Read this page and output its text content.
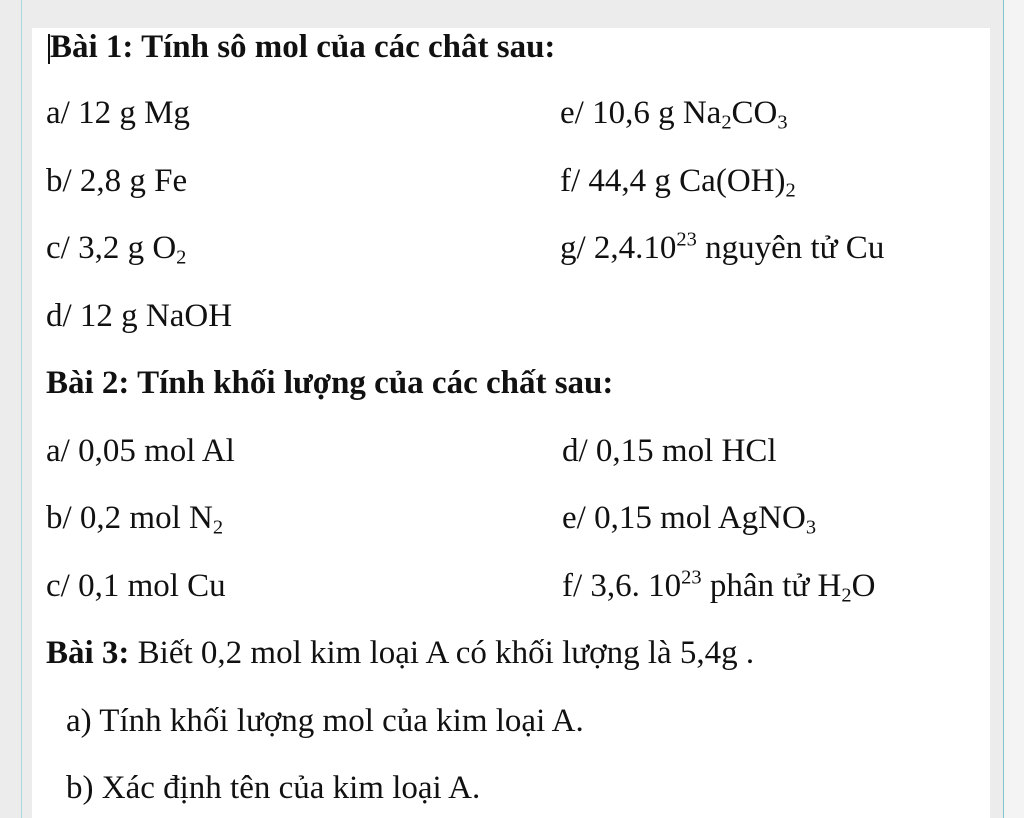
Bài 1: Tính sô mol của các chât sau:
a/ 12 g Mg
b/ 2,8 g Fe
c/ 3,2 g $O_2$
d/ 12 g NaOH
e/ 10,6 g $Na_2CO_3$
f/ 44,4 g $Ca(OH)_2$
g/ 2,4.10$^{23}$ nguyên tử Cu
Bài 2: Tính khối lượng của các chất sau:
a/ 0,05 mol Al
b/ 0,2 mol $N_2$
c/ 0,1 mol Cu
d/ 0,15 mol HCl
e/ 0,15 mol AgNO$_3$
f/ 3,6. $10^{23}$ phân tử $H_2O$
Bài 3: Biết 0,2 mol kim loại A có khối lượng là 5,4g .
a) Tính khối lượng mol của kim loại A.
b) Xác định tên của kim loại A.
